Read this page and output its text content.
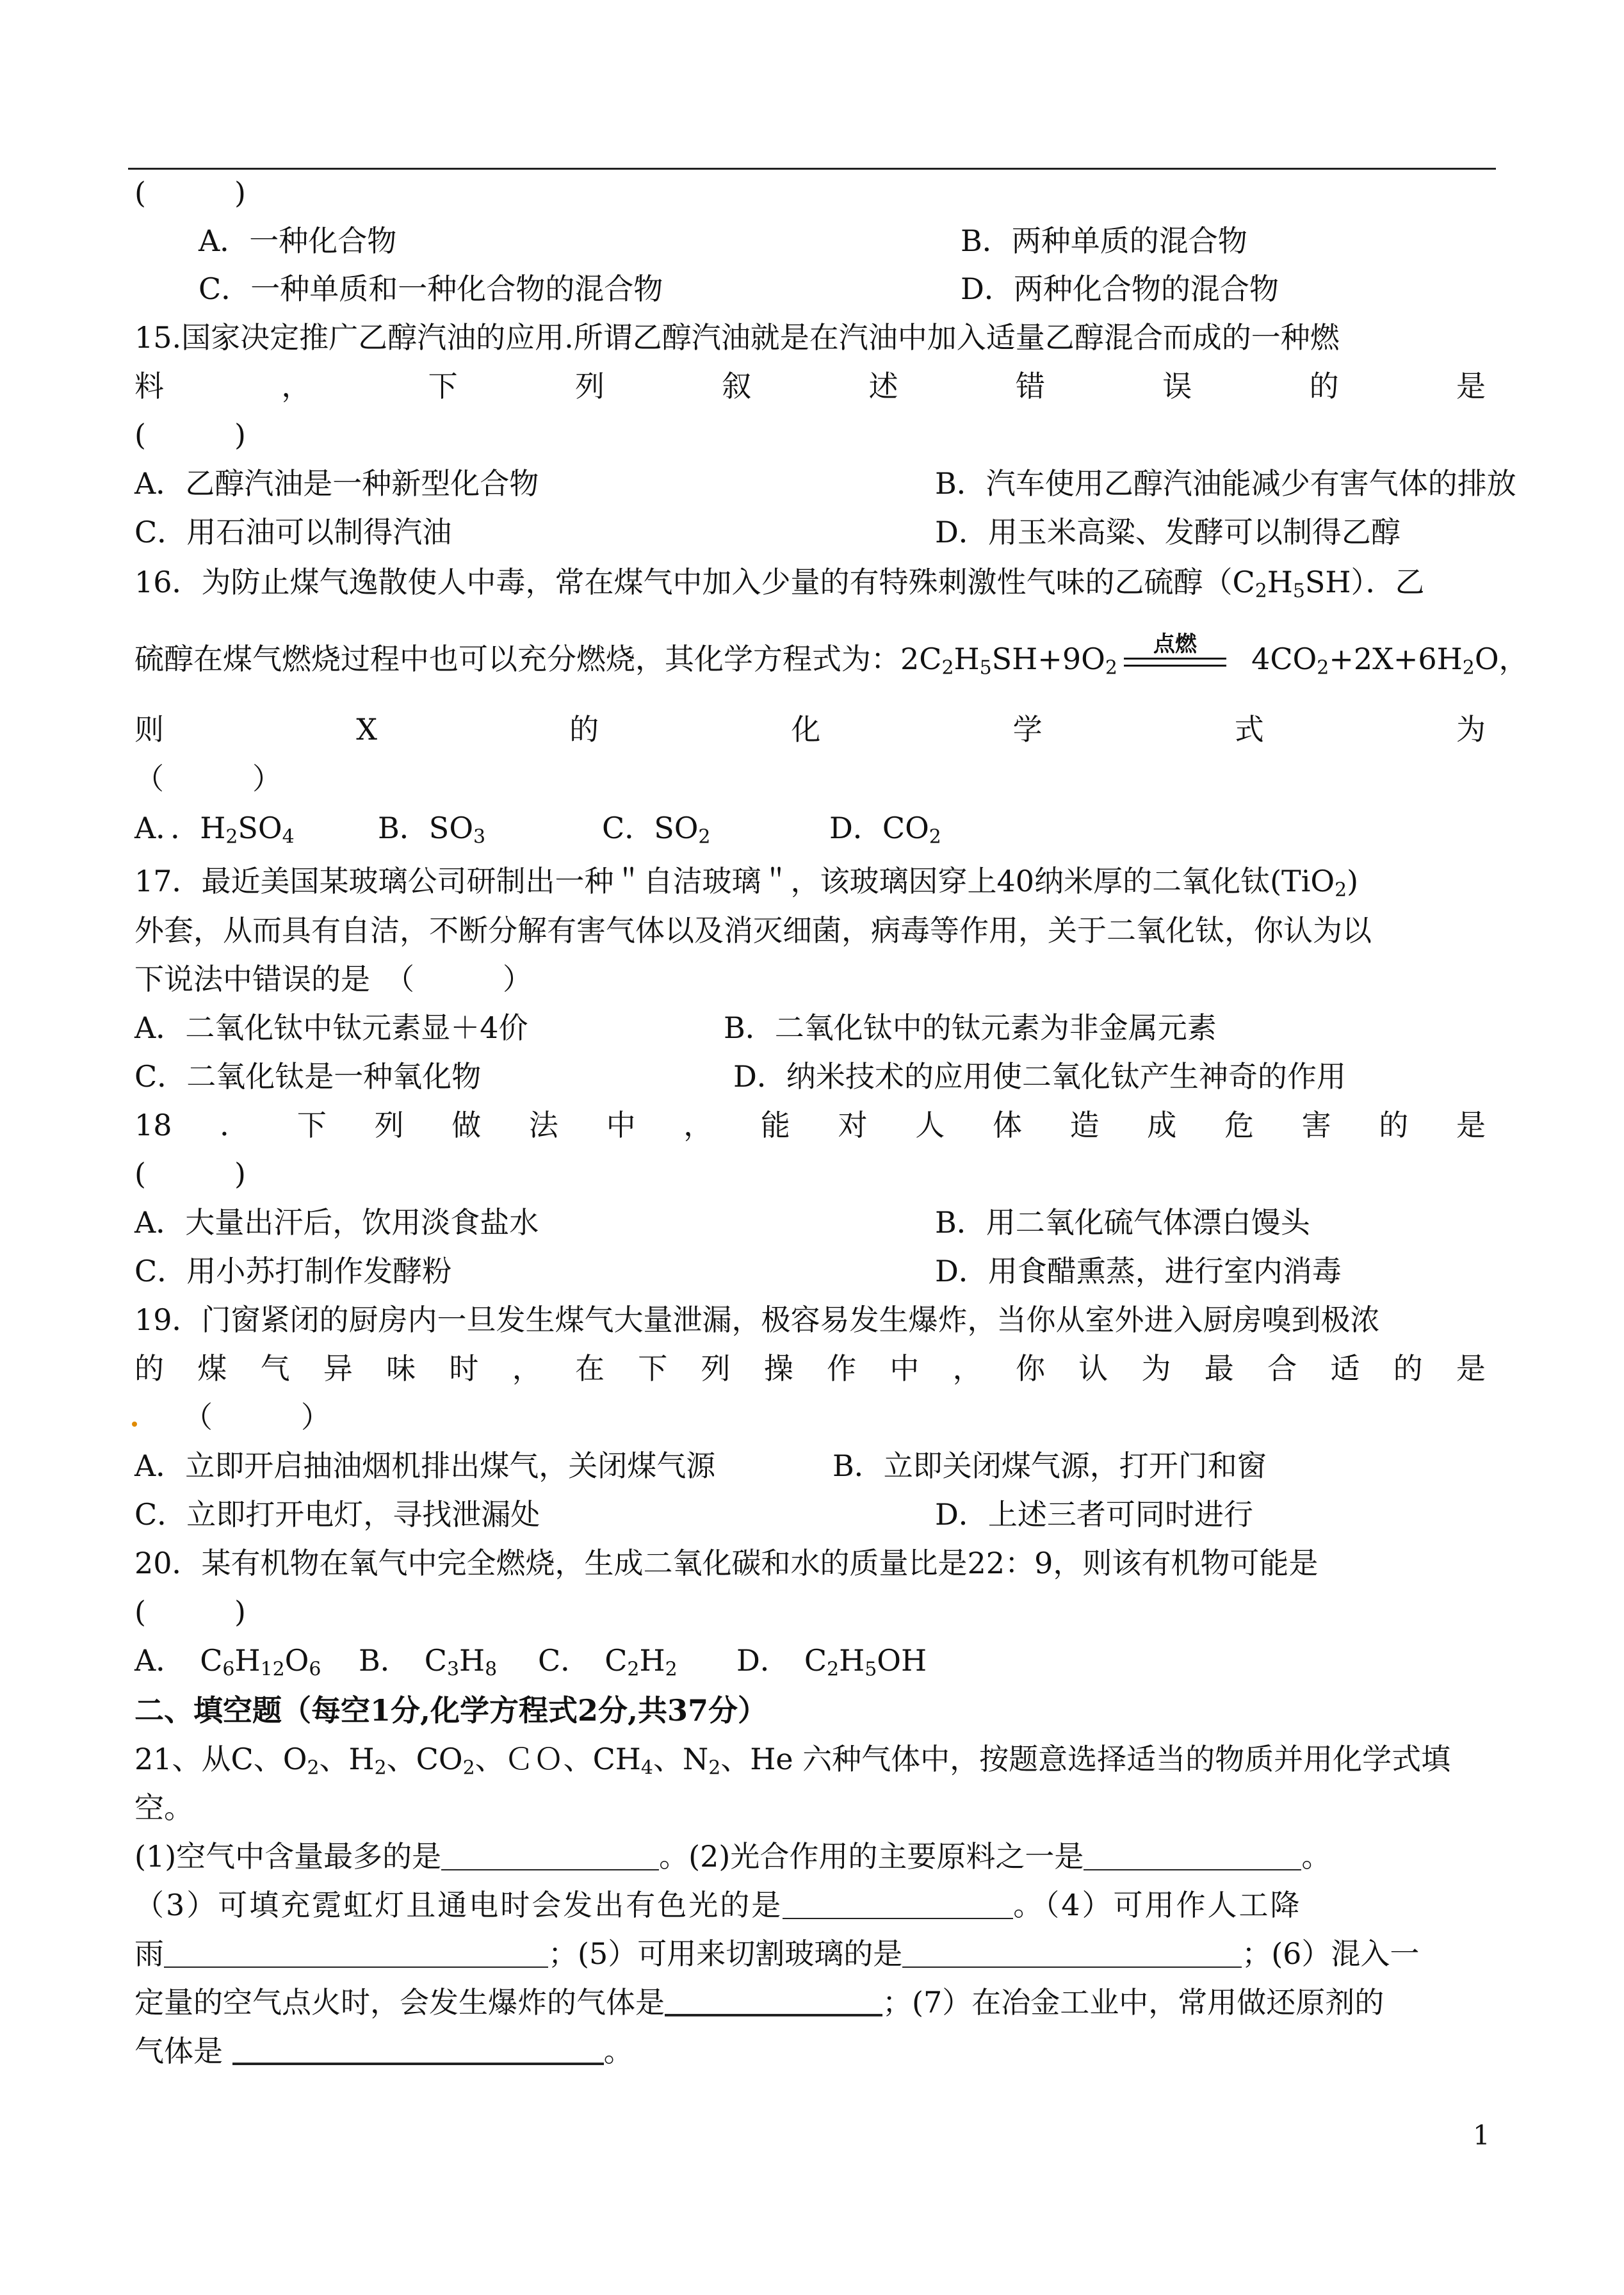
(　　　)
A．一种化合物	B．两种单质的混合物
C．一种单质和一种化合物的混合物	D．两种化合物的混合物
15.国家决定推广乙醇汽油的应用.所谓乙醇汽油就是在汽油中加入适量乙醇混合而成的一种燃
料	，	下	列	叙	述	错	误	的	是
(　　　)
A．乙醇汽油是一种新型化合物	B．汽车使用乙醇汽油能减少有害气体的排放
C．用石油可以制得汽油	D．用玉米高粱、发酵可以制得乙醇
16．为防止煤气逸散使人中毒，常在煤气中加入少量的有特殊刺激性气味的乙硫醇$(C_2H_5SH)$．乙
硫醇在煤气燃烧过程中也可以充分燃烧，其化学方程式为：$2C_2H_5SH+9O_2$
点燃	$4CO_2+2X+6H_2O$，
则	X	的	化	学	式	为
（　　　）
A．．$H_2SO_4$	B．$SO_3$	C．$SO_2$	D．$CO_2$
17．最近美国某玻璃公司研制出一种＂自洁玻璃＂，该玻璃因穿上40纳米厚的二氧化钛(TiO$_2$)
外套，从而具有自洁，不断分解有害气体以及消灭细菌，病毒等作用，关于二氧化钛，你认为以
下说法中错误的是　（　　　）
A．二氧化钛中钛元素显＋4价	B．二氧化钛中的钛元素为非金属元素
C．二氧化钛是一种氧化物	D．纳米技术的应用使二氧化钛产生神奇的作用
18 ． 下 列 做 法 中 ， 能 对 人 体 造 成 危 害 的 是
(　　　)
A．大量出汗后，饮用淡食盐水	B．用二氧化硫气体漂白馒头
C．用小苏打制作发酵粉	D．用食醋熏蒸，进行室内消毒
19．门窗紧闭的厨房内一旦发生煤气大量泄漏，极容易发生爆炸，当你从室外进入厨房嗅到极浓
的 煤 气 异 味 时 ， 在 下 列 操 作 中 ， 你 认 为 最 合 适 的 是
（　　　）
A．立即开启抽油烟机排出煤气，关闭煤气源	B．立即关闭煤气源，打开门和窗
C．立即打开电灯，寻找泄漏处	D．上述三者可同时进行
20．某有机物在氧气中完全燃烧，生成二氧化碳和水的质量比是22：9，则该有机物可能是
(　　　)
A．　$C_6H_{12}O_6$ B．　$C_3H_8$ C．　$C_2H_2$ D．　$C_2H_5OH$
二、填空题（每空1分,化学方程式2分,共37分）
21、从C、$O_2$、$H_2$、$CO_2$、ＣＯ、$CH_4$、$N_2$、He 六种气体中，按题意选择适当的物质并用化学式填
空。
(1)空气中含量最多的是	。(2)光合作用的主要原料之一是	。
（3）可填充霓虹灯且通电时会发出有色光的是	。（4）可用作人工降
雨	；(5）可用来切割玻璃的是	；(6）混入一
定量的空气点火时，会发生爆炸的气体是	；(7）在冶金工业中，常用做还原剂的
气体是	。
1
